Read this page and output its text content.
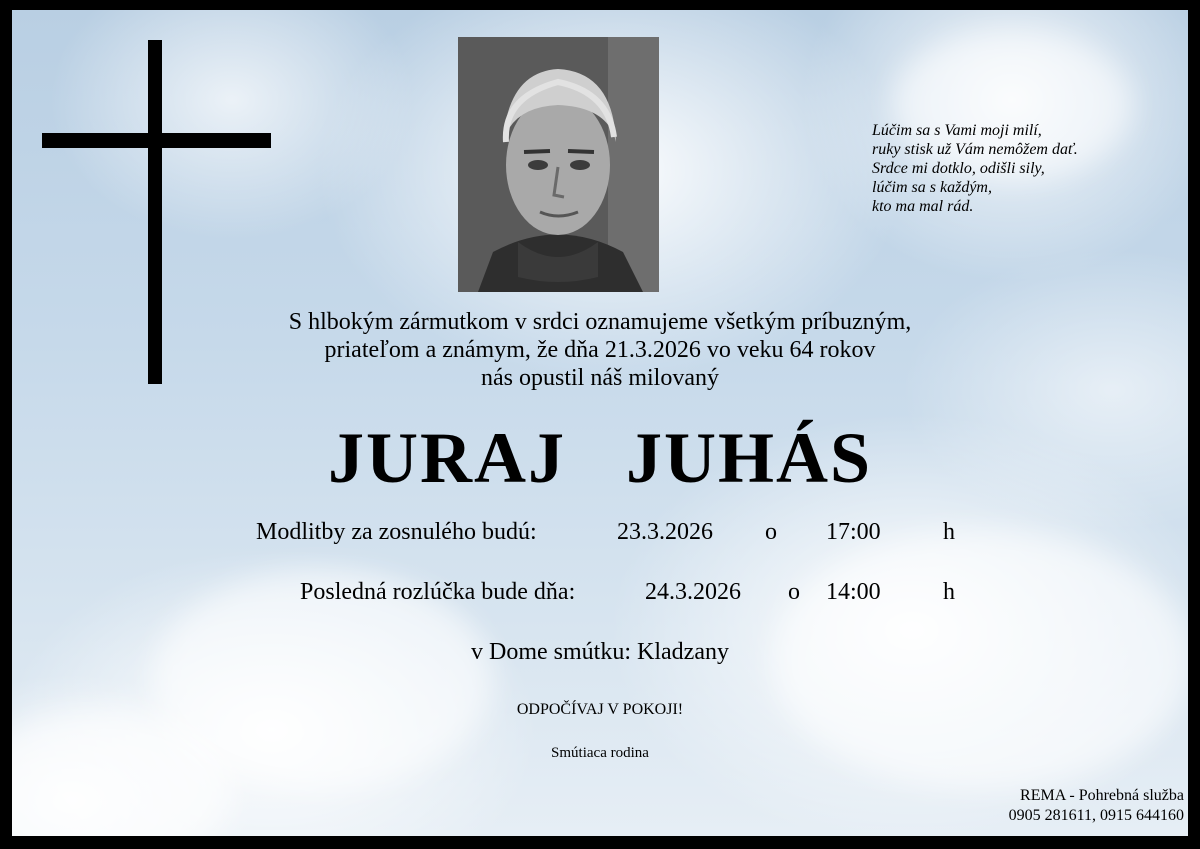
Lúčim sa s Vami moji milí,
ruky stisk už Vám nemôžem dať.
Srdce mi dotklo, odišli sily,
lúčim sa s každým,
kto ma mal rád.
S hlbokým zármutkom v srdci oznamujeme všetkým príbuzným,
priateľom a známym, že dňa 21.3.2026 vo veku 64 rokov
nás opustil náš milovaný
JURAJ   JUHÁS
Modlitby za zosnulého budú:	23.3.2026 o 17:00	h
Posledná rozlúčka bude dňa:	24.3.2026 o 14:00	h
v Dome smútku: Kladzany
ODPOČÍVAJ V POKOJI!
Smútiaca rodina
REMA - Pohrebná služba
0905 281611, 0915 644160
